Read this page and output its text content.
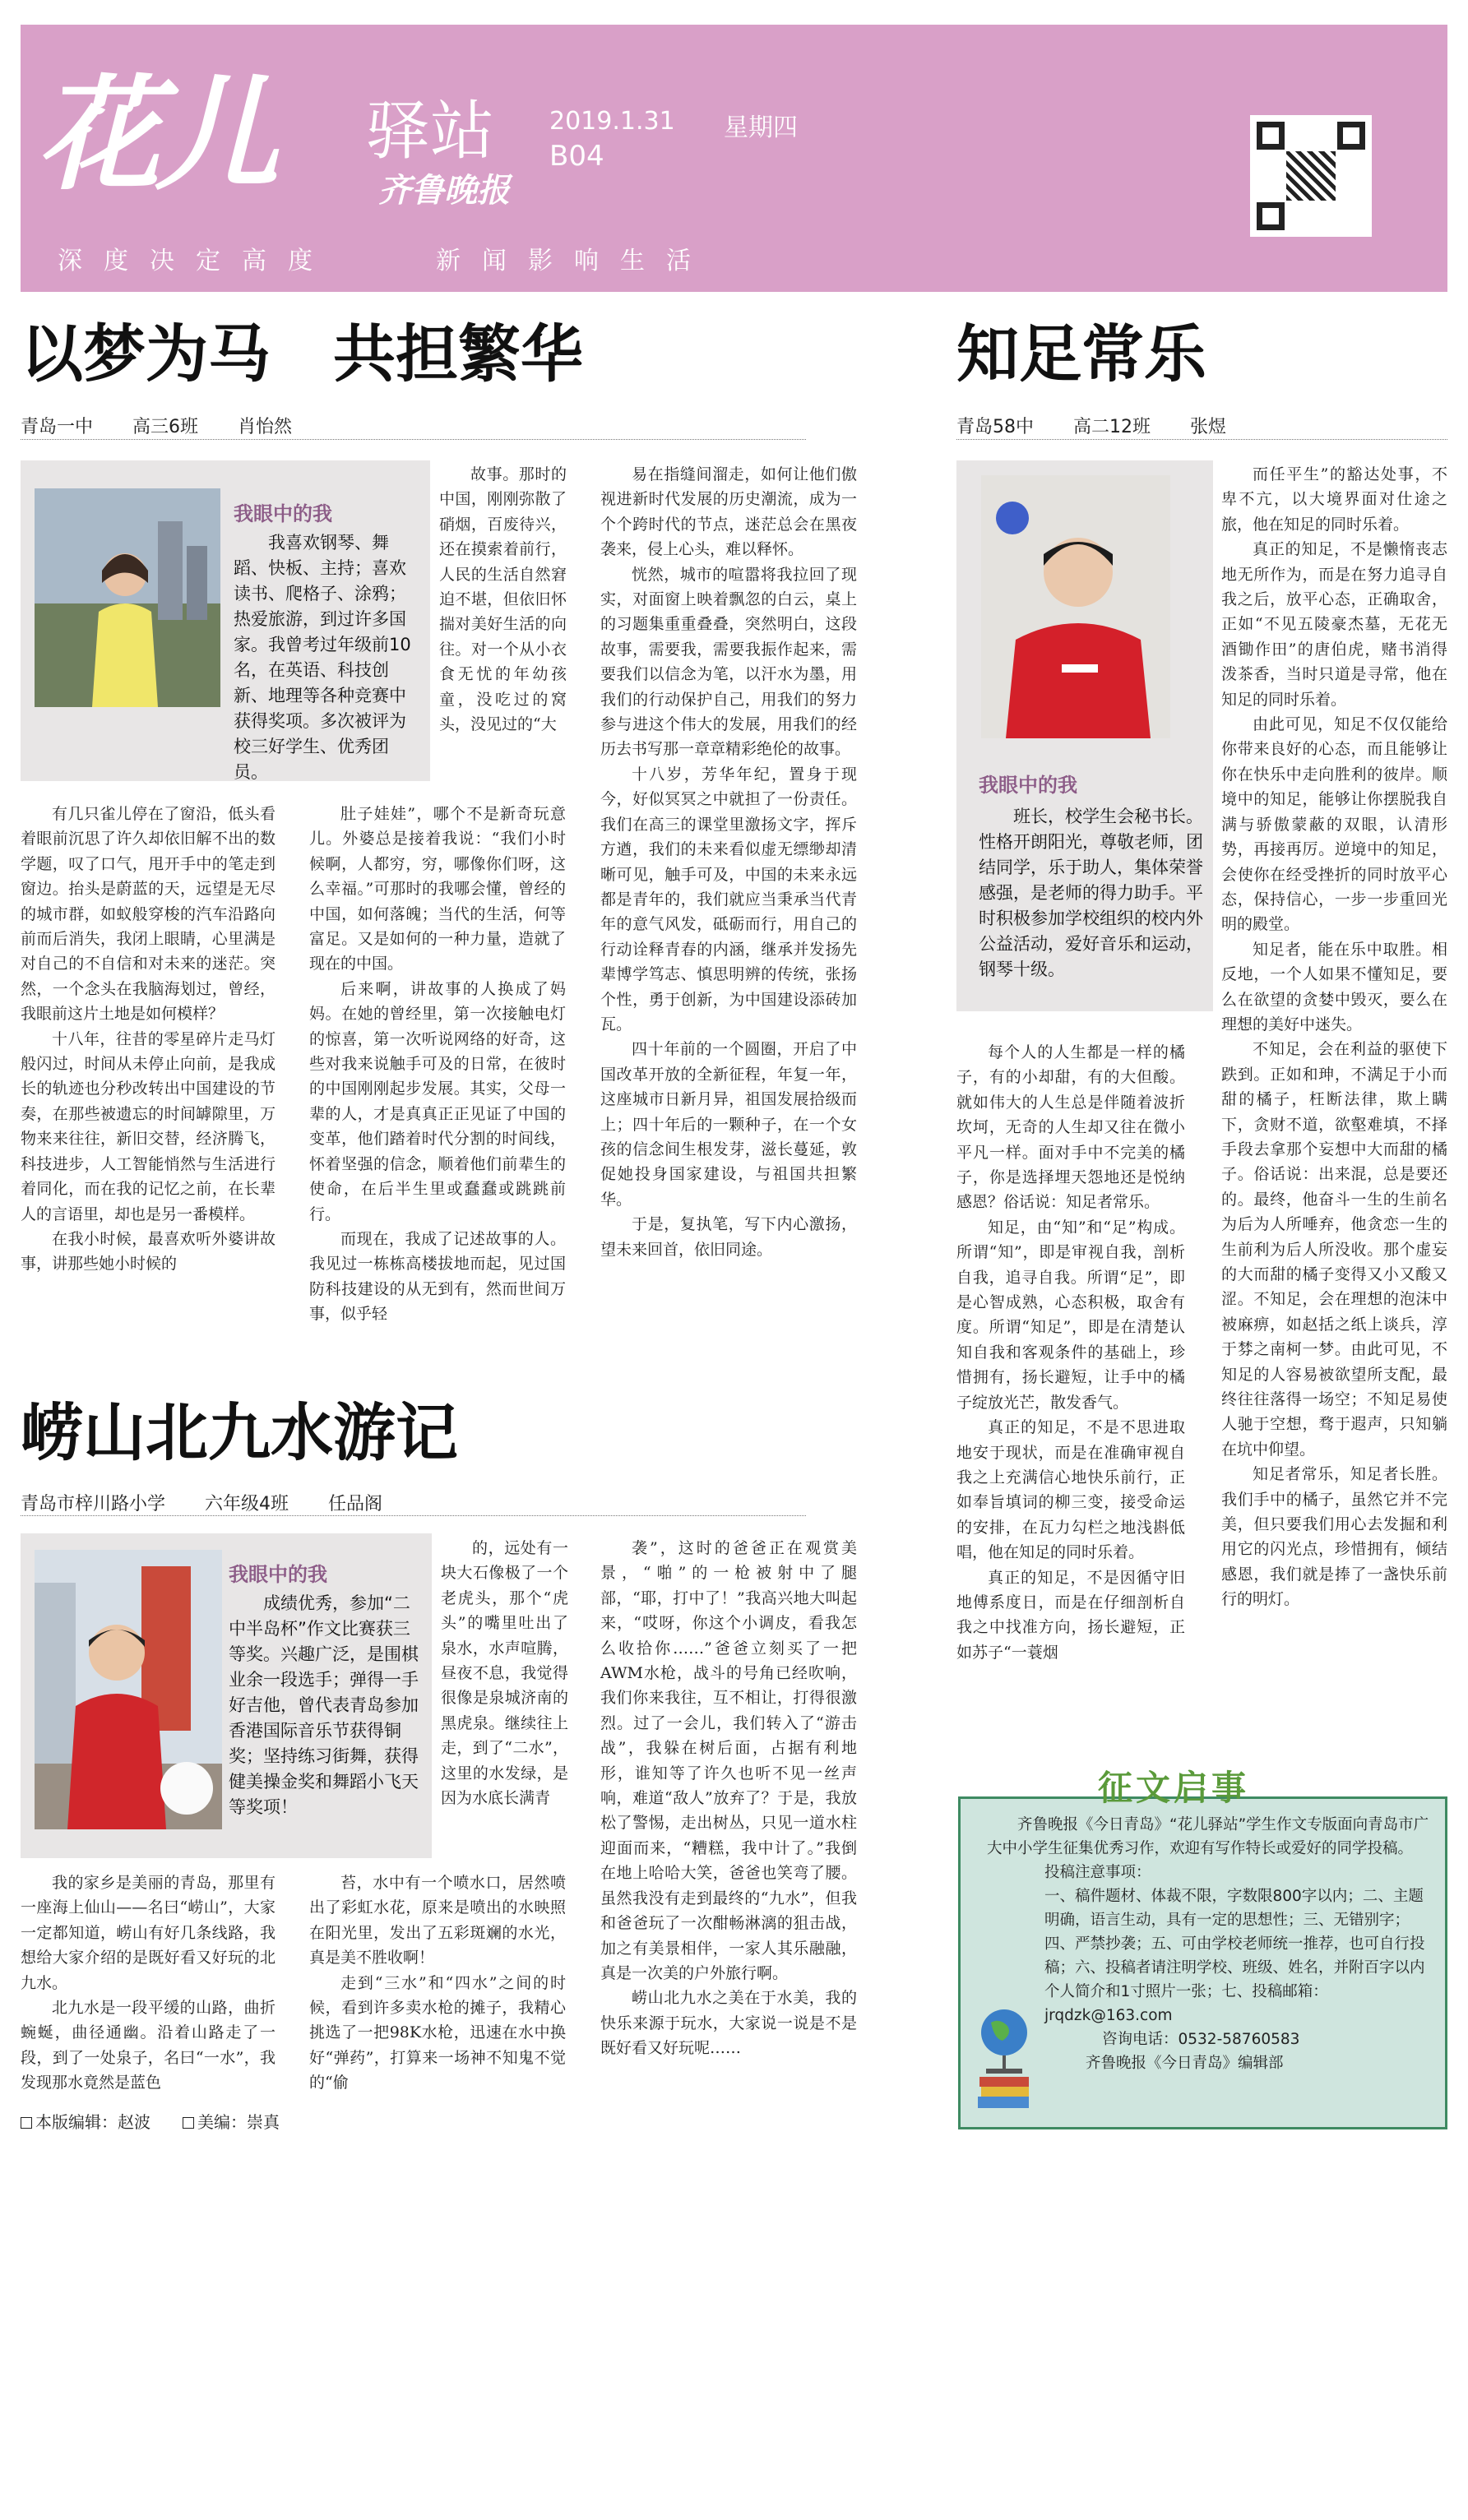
花儿 驿站
齐鲁晚报
2019.1.31 星期四
B04
深度决定高度	新闻影响生活
以梦为马　共担繁华
青岛一中 高三6班 肖怡然
我眼中的我

我喜欢钢琴、舞蹈、快板、主持；喜欢读书、爬格子、涂鸦；热爱旅游，到过许多国家。我曾考过年级前10名，在英语、科技创新、地理等各种竞赛中获得奖项。多次被评为校三好学生、优秀团员。

故事。那时的中国，刚刚弥散了硝烟，百废待兴，还在摸索着前行，人民的生活自然窘迫不堪，但依旧怀揣对美好生活的向往。对一个从小衣食无忧的年幼孩童，没吃过的窝头，没见过的“大

有几只雀儿停在了窗沿，低头看着眼前沉思了许久却依旧解不出的数学题，叹了口气，甩开手中的笔走到窗边。抬头是蔚蓝的天，远望是无尽的城市群，如蚁般穿梭的汽车沿路向前而后消失，我闭上眼睛，心里满是对自己的不自信和对未来的迷茫。突然，一个念头在我脑海划过，曾经，我眼前这片土地是如何模样？

十八年，往昔的零星碎片走马灯般闪过，时间从未停止向前，是我成长的轨迹也分秒改转出中国建设的节奏，在那些被遗忘的时间罅隙里，万物来来往往，新旧交替，经济腾飞，科技进步，人工智能悄然与生活进行着同化，而在我的记忆之前，在长辈人的言语里，却也是另一番模样。

在我小时候，最喜欢听外婆讲故事，讲那些她小时候的

肚子娃娃”，哪个不是新奇玩意儿。外婆总是接着我说：“我们小时候啊，人都穷，穷，哪像你们呀，这么幸福。”可那时的我哪会懂，曾经的中国，如何落魄；当代的生活，何等富足。又是如何的一种力量，造就了现在的中国。

后来啊，讲故事的人换成了妈妈。在她的曾经里，第一次接触电灯的惊喜，第一次听说网络的好奇，这些对我来说触手可及的日常，在彼时的中国刚刚起步发展。其实，父母一辈的人，才是真真正正见证了中国的变革，他们踏着时代分割的时间线，怀着坚强的信念，顺着他们前辈生的使命，在后半生里或蠢蠢或跳跳前行。

而现在，我成了记述故事的人。我见过一栋栋高楼拔地而起，见过国防科技建设的从无到有，然而世间万事，似乎轻

易在指缝间溜走，如何让他们傲视进新时代发展的历史潮流，成为一个个跨时代的节点，迷茫总会在黑夜袭来，侵上心头，难以释怀。

恍然，城市的喧嚣将我拉回了现实，对面窗上映着飘忽的白云，桌上的习题集重重叠叠，突然明白，这段故事，需要我，需要我振作起来，需要我们以信念为笔，以汗水为墨，用我们的行动保护自己，用我们的努力参与进这个伟大的发展，用我们的经历去书写那一章章精彩绝伦的故事。

十八岁，芳华年纪，置身于现今，好似冥冥之中就担了一份责任。我们在高三的课堂里激扬文字，挥斥方遒，我们的未来看似虚无缥缈却清晰可见，触手可及，中国的未来永远都是青年的，我们就应当秉承当代青年的意气风发，砥砺而行，用自己的行动诠释青春的内涵，继承并发扬先辈博学笃志、慎思明辨的传统，张扬个性，勇于创新，为中国建设添砖加瓦。

四十年前的一个圆圈，开启了中国改革开放的全新征程，年复一年，这座城市日新月异，祖国发展拾级而上；四十年后的一颗种子，在一个女孩的信念间生根发芽，滋长蔓延，敦促她投身国家建设，与祖国共担繁华。

于是，复执笔，写下内心激扬，望未来回首，依旧同途。

崂山北九水游记
青岛市梓川路小学 六年级4班 任品阁
我眼中的我

成绩优秀，参加“二中半岛杯”作文比赛获三等奖。兴趣广泛，是围棋业余一段选手；弹得一手好吉他，曾代表青岛参加香港国际音乐节获得铜奖；坚持练习街舞，获得健美操金奖和舞蹈小飞天等奖项！

的，远处有一块大石像极了一个老虎头，那个“虎头”的嘴里吐出了泉水，水声喧腾，昼夜不息，我觉得很像是泉城济南的黑虎泉。继续往上走，到了“二水”，这里的水发绿，是因为水底长满青

我的家乡是美丽的青岛，那里有一座海上仙山——名曰“崂山”，大家一定都知道，崂山有好几条线路，我想给大家介绍的是既好看又好玩的北九水。

北九水是一段平缓的山路，曲折蜿蜒，曲径通幽。沿着山路走了一段，到了一处泉子，名曰“一水”，我发现那水竟然是蓝色

苔，水中有一个喷水口，居然喷出了彩虹水花，原来是喷出的水映照在阳光里，发出了五彩斑斓的水光，真是美不胜收啊！

走到“三水”和“四水”之间的时候，看到许多卖水枪的摊子，我精心挑选了一把98K水枪，迅速在水中换好“弹药”，打算来一场神不知鬼不觉的“偷

袭”，这时的爸爸正在观赏美景，“啪”的一枪被射中了腿部，“耶，打中了！”我高兴地大叫起来，“哎呀，你这个小调皮，看我怎么收拾你……”爸爸立刻买了一把AWM水枪，战斗的号角已经吹响，我们你来我往，互不相让，打得很激烈。过了一会儿，我们转入了“游击战”，我躲在树后面，占据有利地形，谁知等了许久也听不见一丝声响，难道“敌人”放弃了？于是，我放松了警惕，走出树丛，只见一道水柱迎面而来，“糟糕，我中计了。”我倒在地上哈哈大笑，爸爸也笑弯了腰。虽然我没有走到最终的“九水”，但我和爸爸玩了一次酣畅淋漓的狙击战，加之有美景相伴，一家人其乐融融，真是一次美的户外旅行啊。

崂山北九水之美在于水美，我的快乐来源于玩水，大家说一说是不是既好看又好玩呢……

本版编辑：赵波	美编：崇真
知足常乐
青岛58中 高二12班 张煜
我眼中的我

班长，校学生会秘书长。性格开朗阳光，尊敬老师，团结同学，乐于助人，集体荣誉感强，是老师的得力助手。平时积极参加学校组织的校内外公益活动，爱好音乐和运动，钢琴十级。

每个人的人生都是一样的橘子，有的小却甜，有的大但酸。就如伟大的人生总是伴随着波折坎坷，无奇的人生却又往在微小平凡一样。面对手中不完美的橘子，你是选择埋天怨地还是悦纳感恩？俗话说：知足者常乐。

知足，由“知”和“足”构成。所谓“知”，即是审视自我，剖析自我，追寻自我。所谓“足”，即是心智成熟，心态积极，取舍有度。所谓“知足”，即是在清楚认知自我和客观条件的基础上，珍惜拥有，扬长避短，让手中的橘子绽放光芒，散发香气。

真正的知足，不是不思进取地安于现状，而是在准确审视自我之上充满信心地快乐前行，正如奉旨填词的柳三变，接受命运的安排，在瓦力勾栏之地浅斟低唱，他在知足的同时乐着。

真正的知足，不是因循守旧地傅系度日，而是在仔细剖析自我之中找准方向，扬长避短，正如苏子“一蓑烟

而任平生”的豁达处事，不卑不亢，以大境界面对仕途之旅，他在知足的同时乐着。

真正的知足，不是懒惰丧志地无所作为，而是在努力追寻自我之后，放平心态，正确取舍，正如“不见五陵豪杰墓，无花无酒锄作田”的唐伯虎，赌书消得泼茶香，当时只道是寻常，他在知足的同时乐着。

由此可见，知足不仅仅能给你带来良好的心态，而且能够让你在快乐中走向胜利的彼岸。顺境中的知足，能够让你摆脱我自满与骄傲蒙蔽的双眼，认清形势，再接再厉。逆境中的知足，会使你在经受挫折的同时放平心态，保持信心，一步一步重回光明的殿堂。

知足者，能在乐中取胜。相反地，一个人如果不懂知足，要么在欲望的贪婪中毁灭，要么在理想的美好中迷失。

不知足，会在利益的驱使下跌到。正如和珅，不满足于小而甜的橘子，枉断法律，欺上瞒下，贪财不道，欲壑难填，不择手段去拿那个妄想中大而甜的橘子。俗话说：出来混，总是要还的。最终，他奋斗一生的生前名为后为人所唾弃，他贪恋一生的生前利为后人所没收。那个虚妄的大而甜的橘子变得又小又酸又涩。不知足，会在理想的泡沫中被麻痹，如赵括之纸上谈兵，淳于棼之南柯一梦。由此可见，不知足的人容易被欲望所支配，最终往往落得一场空；不知足易使人驰于空想，骛于遐声，只知躺在坑中仰望。

知足者常乐，知足者长胜。我们手中的橘子，虽然它并不完美，但只要我们用心去发掘和利用它的闪光点，珍惜拥有，倾结感恩，我们就是捧了一盏快乐前行的明灯。

征文启事

齐鲁晚报《今日青岛》“花儿驿站”学生作文专版面向青岛市广大中小学生征集优秀习作，欢迎有写作特长或爱好的同学投稿。

投稿注意事项：

一、稿件题材、体裁不限，字数限800字以内；二、主题明确，语言生动，具有一定的思想性；三、无错别字；四、严禁抄袭；五、可由学校老师统一推荐，也可自行投稿；六、投稿者请注明学校、班级、姓名，并附百字以内个人简介和1寸照片一张；七、投稿邮箱：jrqdzk@163.com

咨询电话：0532-58760583

齐鲁晚报《今日青岛》编辑部
